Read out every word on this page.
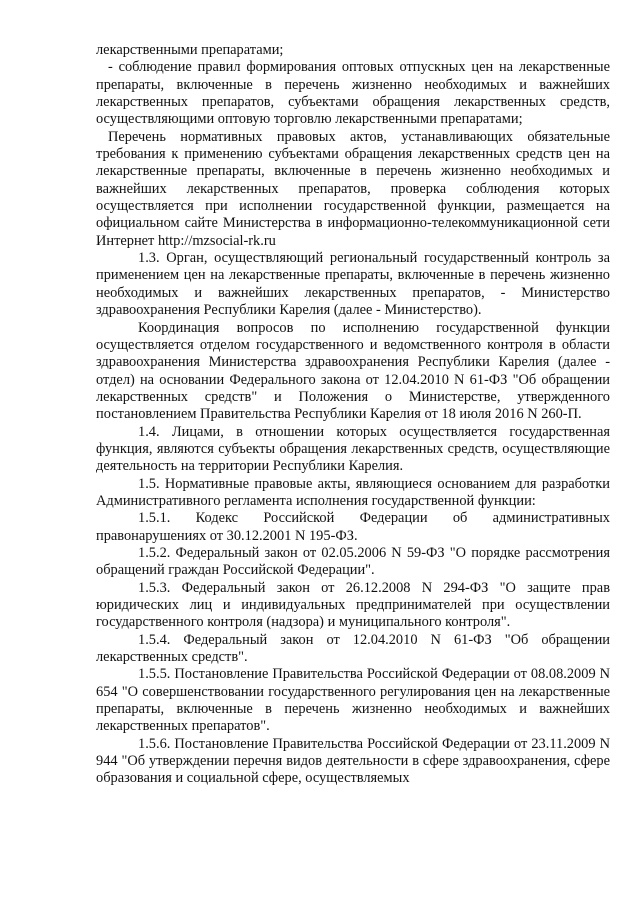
лекарственными препаратами;

- соблюдение правил формирования оптовых отпускных цен на лекарственные препараты, включенные в перечень жизненно необходимых и важнейших лекарственных препаратов, субъектами обращения лекарственных средств, осуществляющими оптовую торговлю лекарственными препаратами;

Перечень нормативных правовых актов, устанавливающих обязательные требования к применению субъектами обращения лекарственных средств цен на лекарственные препараты, включенные в перечень жизненно необходимых и важнейших лекарственных препаратов, проверка соблюдения которых осуществляется при исполнении государственной функции, размещается на официальном сайте Министерства в информационно-телекоммуникационной сети Интернет http://mzsocial-rk.ru

1.3. Орган, осуществляющий региональный государственный контроль за применением цен на лекарственные препараты, включенные в перечень жизненно необходимых и важнейших лекарственных препаратов, - Министерство здравоохранения Республики Карелия (далее - Министерство).

Координация вопросов по исполнению государственной функции осуществляется отделом государственного и ведомственного контроля в области здравоохранения Министерства здравоохранения Республики Карелия (далее - отдел) на основании Федерального закона от 12.04.2010 N 61-ФЗ "Об обращении лекарственных средств" и Положения о Министерстве, утвержденного постановлением Правительства Республики Карелия от 18 июля 2016 N 260-П.

1.4. Лицами, в отношении которых осуществляется государственная функция, являются субъекты обращения лекарственных средств, осуществляющие деятельность на территории Республики Карелия.

1.5. Нормативные правовые акты, являющиеся основанием для разработки Административного регламента исполнения государственной функции:

1.5.1. Кодекс Российской Федерации об административных правонарушениях от 30.12.2001 N 195-ФЗ.

1.5.2. Федеральный закон от 02.05.2006 N 59-ФЗ "О порядке рассмотрения обращений граждан Российской Федерации".

1.5.3. Федеральный закон от 26.12.2008 N 294-ФЗ "О защите прав юридических лиц и индивидуальных предпринимателей при осуществлении государственного контроля (надзора) и муниципального контроля".

1.5.4. Федеральный закон от 12.04.2010 N 61-ФЗ "Об обращении лекарственных средств".

1.5.5. Постановление Правительства Российской Федерации от 08.08.2009 N 654 "О совершенствовании государственного регулирования цен на лекарственные препараты, включенные в перечень жизненно необходимых и важнейших лекарственных препаратов".

1.5.6. Постановление Правительства Российской Федерации от 23.11.2009 N 944 "Об утверждении перечня видов деятельности в сфере здравоохранения, сфере образования и социальной сфере, осуществляемых
